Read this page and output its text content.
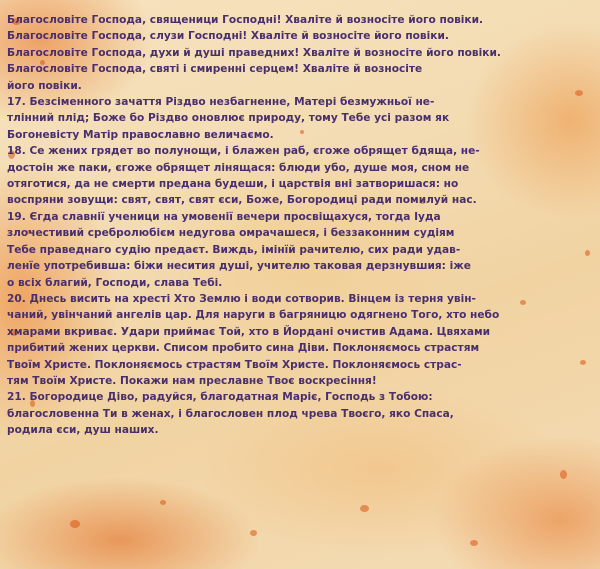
Благословіте Господа, священици Господні! Хваліте й возносіте його повіки.
Благословіте Господа, слузи Господні! Хваліте й возносіте його повіки.
Благословіте Господа, духи й душі праведних! Хваліте й возносіте його повіки.
Благословіте Господа, святі і смиренні серцем! Хваліте й возносіте
його повіки.
17. Безсіменного зачаття Різдво незбагненне, Матері безмужньої не-
тлінний плід; Боже бо Різдво оновлює природу, тому Тебе усі разом як
Богоневісту Матір православно величаємо.
18. Се жених грядет во полунощи, і блажен раб, єгоже обрящет бдяща, не-
достоін же паки, єгоже обрящет лінящася: блюди убо, душе моя, сном не
отяготися, да не смерти предана будеши, і царствія вні затворишася: но
воспряни зовущи: свят, свят, свят єси, Боже, Богородиці ради помилуй нас.
19. Єгда славнії ученици на умовенії вечери просвіщахуся, тогда Іуда
злочестивий сребролюбієм недугова омрачашеся, і беззаконним судіям
Тебе праведнаго судію предаєт. Виждь, імінїй рачителю, сих ради удав-
ленїе употребивша: біжи несития душі, учителю таковая дерзнувшия: іже
о всіх благий, Господи, слава Тебі.
20. Днесь висить на хресті Хто Землю і води сотворив. Вінцем із терня увін-
чаний, увінчаний ангелів цар. Для наруги в багряницю одягнено Того, хто небо
хмарами вкриває. Удари приймає Той, хто в Йордані очистив Адама. Цвяхами
прибитий жених церкви. Списом пробито сина Діви. Поклоняємось страстям
Твоїм Христе. Поклоняємось страстям Твоїм Христе. Поклоняємось страс-
тям Твоїм Христе. Покажи нам преславне Твоє воскресіння!
21. Богородице Діво, радуйся, благодатная Маріє, Господь з Тобою:
благословенна Ти в женах, і благословен плод чрева Твоєго, яко Спаса,
родила єси, душ наших.
